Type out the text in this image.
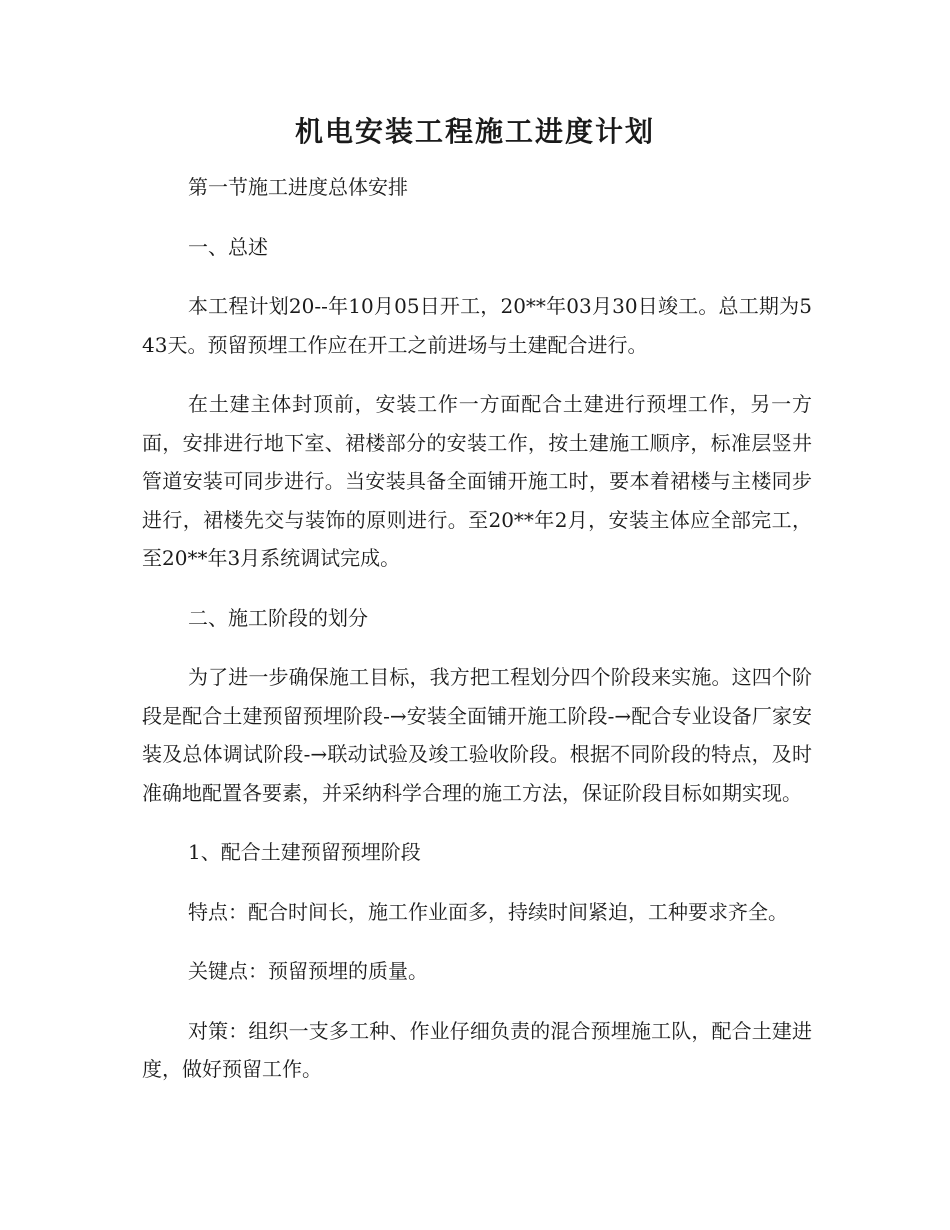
机电安装工程施工进度计划

第一节施工进度总体安排

一、总述

本工程计划20--年10月05日开工，20**年03月30日竣工。总工期为543天。预留预埋工作应在开工之前进场与土建配合进行。

在土建主体封顶前，安装工作一方面配合土建进行预埋工作，另一方面，安排进行地下室、裙楼部分的安装工作，按土建施工顺序，标准层竖井管道安装可同步进行。当安装具备全面铺开施工时，要本着裙楼与主楼同步进行，裙楼先交与装饰的原则进行。至20**年2月，安装主体应全部完工，至20**年3月系统调试完成。

二、施工阶段的划分

为了进一步确保施工目标，我方把工程划分四个阶段来实施。这四个阶段是配合土建预留预埋阶段-→安装全面铺开施工阶段-→配合专业设备厂家安装及总体调试阶段-→联动试验及竣工验收阶段。根据不同阶段的特点，及时准确地配置各要素，并采纳科学合理的施工方法，保证阶段目标如期实现。

1、配合土建预留预埋阶段

特点：配合时间长，施工作业面多，持续时间紧迫，工种要求齐全。

关键点：预留预埋的质量。

对策：组织一支多工种、作业仔细负责的混合预埋施工队，配合土建进度，做好预留工作。
